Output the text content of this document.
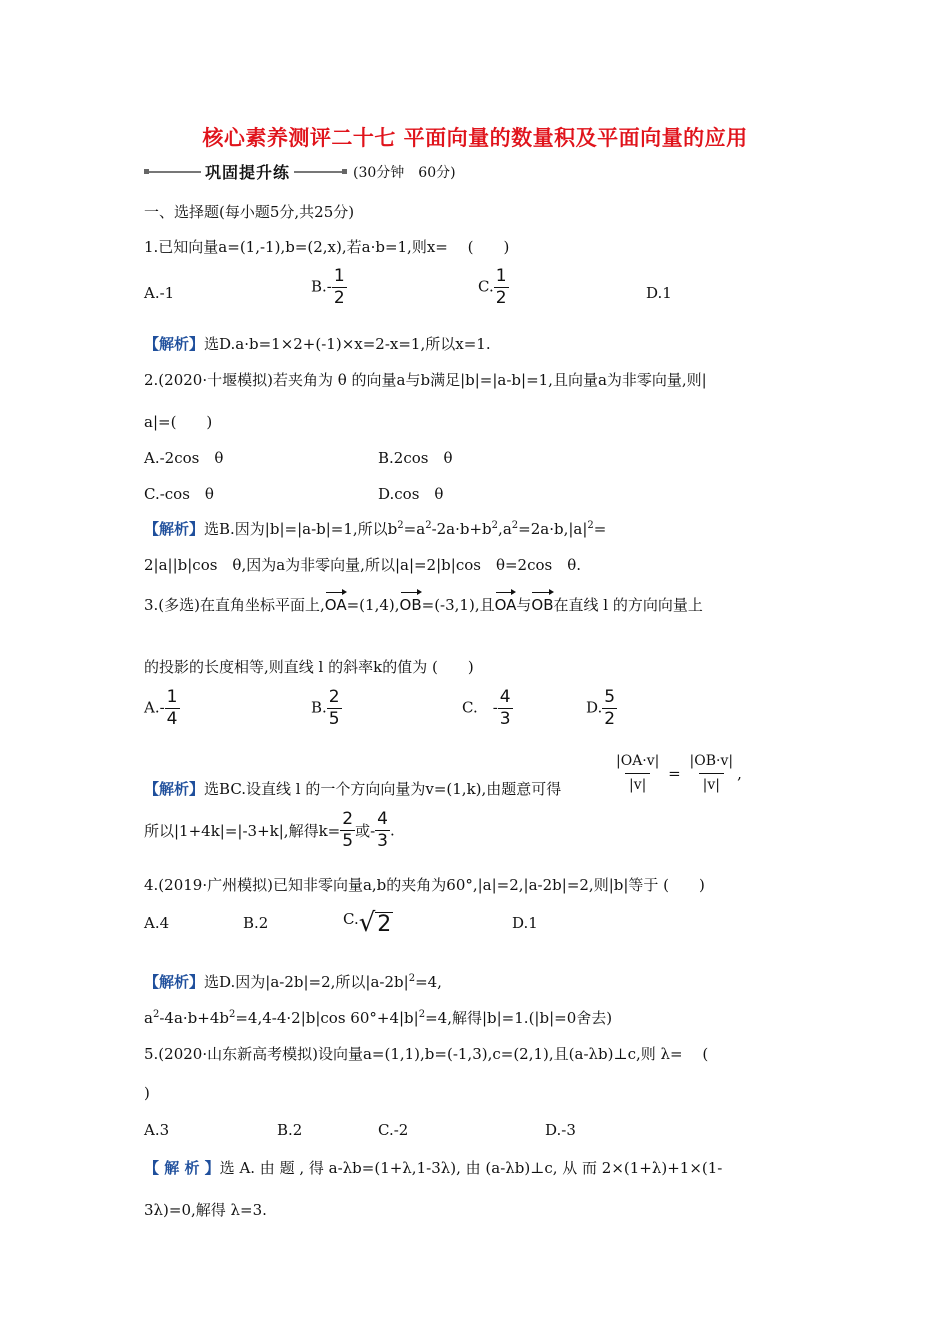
核心素养测评二十七 平面向量的数量积及平面向量的应用
巩固提升练	(30分钟　60分)
一、选择题(每小题5分,共25分)
1.已知向量a=(1,-1),b=(2,x),若a·b=1,则x=　 (　　)
A.-1	$B.- \frac{1}{2}$	C. $\frac{1}{2}$	D.1
【解析】选D.a·b=1×2+(-1)×x=2-x=1,所以x=1.
2.(2020·十堰模拟)若夹角为 θ 的向量a与b满足|b|=|a-b|=1,且向量a为非零向量,则|
a|=(　　)
A.-2cos　θ	B.2cos　θ
C.-cos　θ	D.cos　θ
【解析】选B.因为|b|=|a-b|=1,所以$b^2=a^2-2a\cdot b+b^2,a^2=2a\cdot b,|a|^2=$
2|a||b|cos　θ,因为a为非零向量,所以|a|=2|b|cos　θ=2cos　θ.
3.(多选)在直角坐标平面上,OA=(1,4),OB=(-3,1),且OA与OB在直线 l 的方向向量上
的投影的长度相等,则直线 l 的斜率k的值为 (　　)
$A.- \frac{1}{4}$	B. $\frac{2}{5}$	C.　- $\frac{4}{3}$	D. $\frac{5}{2}$
【解析】选BC.设直线 l 的一个方向向量为v=(1,k),由题意可得	$\frac{|OA\cdot v|}{|v|} = \frac{|OB\cdot v|}{|v|}$ ,
所以|1+4k|=|-3+k|,解得$k= \frac{2}{5}$ 或- $\frac{4}{3}$ .
4.(2019·广州模拟)已知非零向量a,b的夹角为60°,|a|=2,|a-2b|=2,则|b|等于 (　　)
A.4	B.2	C. √ 2	D.1
【解析】选D.因为|a-2b|=2,所以$|a-2b|^2=4$,
$a^2-4a\cdot b+4b^2=4,4-4\cdot 2|b|\cos$ $60^\circ+4|b|^2=4$,解得|b|=1.(|b|=0舍去)
5.(2020·山东新高考模拟)设向量a=(1,1),b=(-1,3),c=(2,1),且(a-λb)⊥c,则 λ=　 (
)
A.3	B.2	C.-2	D.-3
【 解 析 】选 A. 由 题 , 得 a-λb=(1+λ,1-3λ), 由 (a-λb)⊥c, 从 而 2×(1+λ)+1×(1-
3λ)=0,解得 λ=3.
